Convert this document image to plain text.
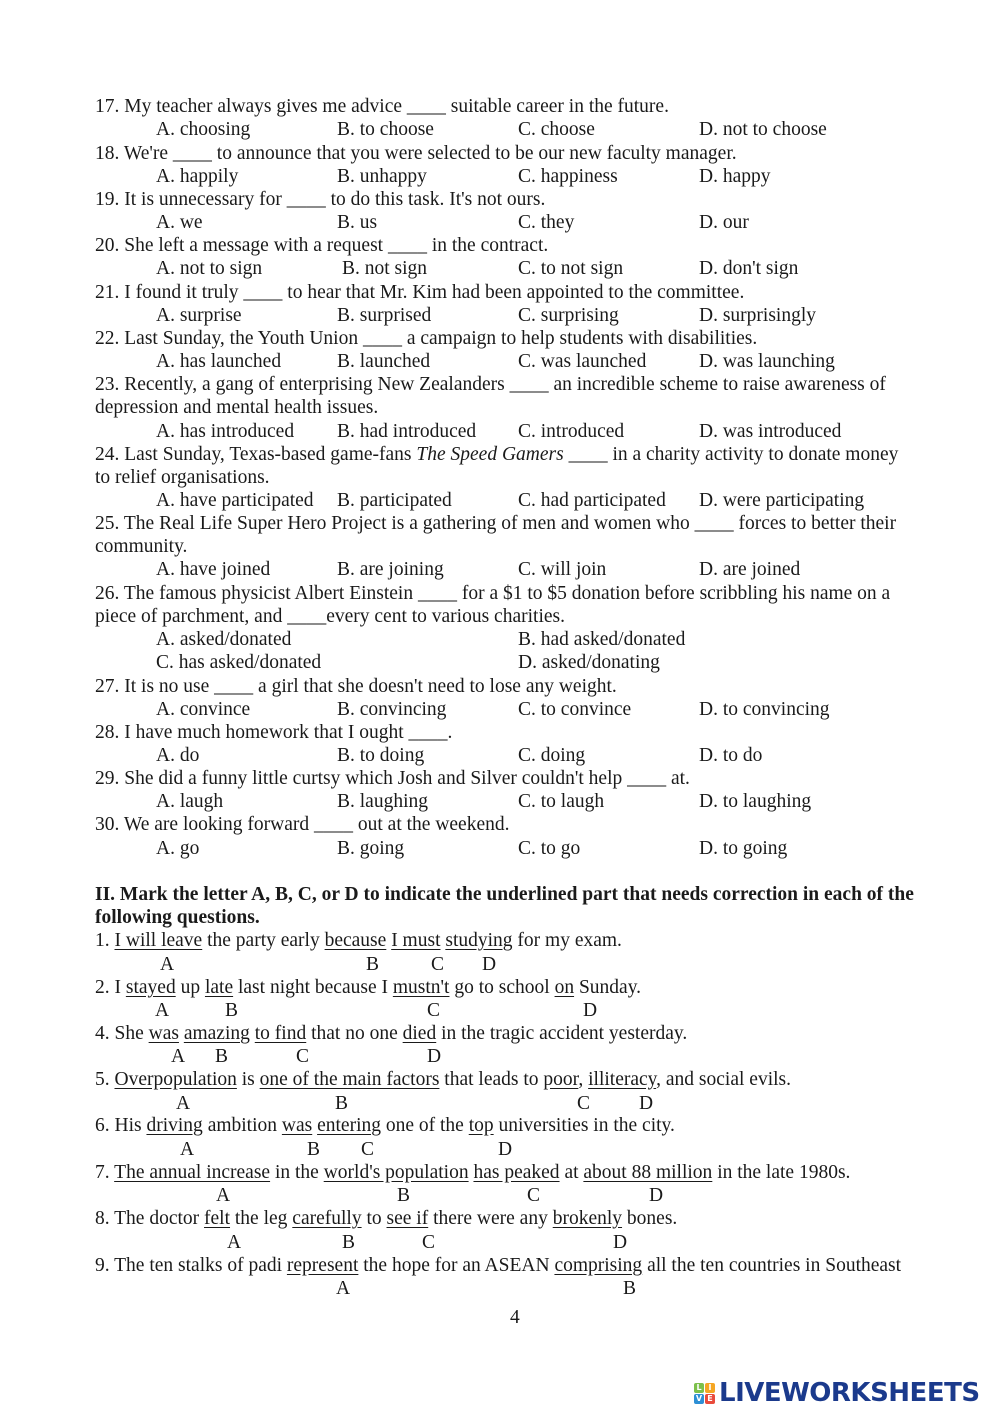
17. My teacher always gives me advice ____ suitable career in the future.
A. choosing	B. to choose	C. choose	D. not to choose
18. We're ____ to announce that you were selected to be our new faculty manager.
A. happily	B. unhappy	C. happiness	D. happy
19. It is unnecessary for ____ to do this task. It's not ours.
A. we	B. us	C. they	D. our
20. She left a message with a request ____ in the contract.
A. not to sign	B. not sign	C. to not sign	D. don't sign
21. I found it truly ____ to hear that Mr. Kim had been appointed to the committee.
A. surprise	B. surprised	C. surprising	D. surprisingly
22. Last Sunday, the Youth Union ____ a campaign to help students with disabilities.
A. has launched	B. launched	C. was launched	D. was launching
23. Recently, a gang of enterprising New Zealanders ____ an incredible scheme to raise awareness of
depression and mental health issues.
A. has introduced B. had introduced C. introduced	D. was introduced
24. Last Sunday, Texas-based game-fans The Speed Gamers ____ in a charity activity to donate money
to relief organisations.
A. have participated B. participated	C. had participated D. were participating
25. The Real Life Super Hero Project is a gathering of men and women who ____ forces to better their
community.
A. have joined	B. are joining	C. will join	D. are joined
26. The famous physicist Albert Einstein ____ for a $1 to $5 donation before scribbling his name on a
piece of parchment, and ____every cent to various charities.
A. asked/donated	B. had asked/donated
C. has asked/donated	D. asked/donating
27. It is no use ____ a girl that she doesn't need to lose any weight.
A. convince	B. convincing	C. to convince	D. to convincing
28. I have much homework that I ought ____.
A. do	B. to doing	C. doing	D. to do
29. She did a funny little curtsy which Josh and Silver couldn't help ____ at.
A. laugh	B. laughing	C. to laugh	D. to laughing
30. We are looking forward ____ out at the weekend.
A. go	B. going	C. to go	D. to going
II. Mark the letter A, B, C, or D to indicate the underlined part that needs correction in each of the
following questions.
1. I will leave the party early because I must studying for my exam.
A	B	C D
2. I stayed up late last night because I mustn't go to school on Sunday.
A	B	C	D
4. She was amazing to find that no one died in the tragic accident yesterday.
A B	C	D
5. Overpopulation is one of the main factors that leads to poor, illiteracy, and social evils.
A	B	C	D
6. His driving ambition was entering one of the top universities in the city.
A	B C	D
7. The annual increase in the world's population has peaked at about 88 million in the late 1980s.
A	B	C	D
8. The doctor felt the leg carefully to see if there were any brokenly bones.
A	B	C	D
9. The ten stalks of padi represent the hope for an ASEAN comprising all the ten countries in Southeast
A	B
4
L I
V E LIVEWORKSHEETS
